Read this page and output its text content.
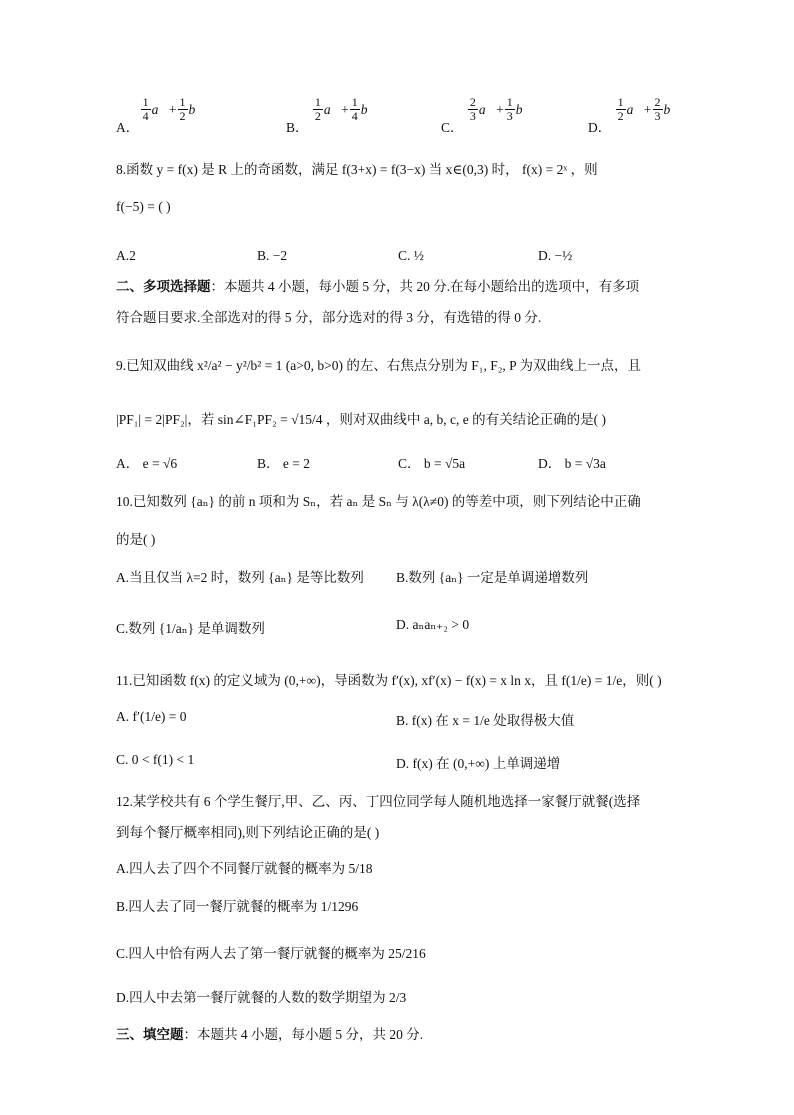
A．
$\frac{1}{4}$ a⃗+ $\frac{1}{2}$ b⃗
B．
$\frac{1}{2}$ a⃗+ $\frac{1}{4}$ b⃗
C．
$\frac{2}{3}$ a⃗+ $\frac{1}{3}$ b⃗
D．
$\frac{1}{2}$ a⃗+ $\frac{2}{3}$ b⃗
8.函数 y = f(x) 是 R 上的奇函数，满足 f(3+x) = f(3−x) 当 x∈(0,3) 时， f(x) = 2ˣ ，则
f(−5) = ( )
A.2	B. −2	C. ½	D. −½
二、多项选择题：本题共 4 小题，每小题 5 分，共 20 分.在每小题给出的选项中，有多项
符合题目要求.全部选对的得 5 分，部分选对的得 3 分，有选错的得 0 分.
9.已知双曲线 x²/a² − y²/b² = 1 (a>0, b>0) 的左、右焦点分别为 F₁, F₂, P 为双曲线上一点，且
|PF₁| = 2|PF₂|，若 sin∠F₁PF₂ = √15/4 ，则对双曲线中 a, b, c, e 的有关结论正确的是( )
A． e = √6	B． e = 2	C． b = √5a	D． b = √3a
10.已知数列 {aₙ} 的前 n 项和为 Sₙ，若 aₙ 是 Sₙ 与 λ(λ≠0) 的等差中项，则下列结论中正确
的是( )
A.当且仅当 λ=2 时，数列 {aₙ} 是等比数列 B.数列 {aₙ} 一定是单调递增数列
C.数列 {1/aₙ} 是单调数列	D. aₙaₙ₊₂ > 0
11.已知函数 f(x) 的定义域为 (0,+∞)，导函数为 f′(x), xf′(x) − f(x) = x ln x，且 f(1/e) = 1/e，则( )
A. f′(1/e) = 0	B. f(x) 在 x = 1/e 处取得极大值
C. 0 < f(1) < 1	D. f(x) 在 (0,+∞) 上单调递增
12.某学校共有 6 个学生餐厅,甲、乙、丙、丁四位同学每人随机地选择一家餐厅就餐(选择
到每个餐厅概率相同),则下列结论正确的是( )
A.四人去了四个不同餐厅就餐的概率为 5/18
B.四人去了同一餐厅就餐的概率为 1/1296
C.四人中恰有两人去了第一餐厅就餐的概率为 25/216
D.四人中去第一餐厅就餐的人数的数学期望为 2/3
三、填空题：本题共 4 小题，每小题 5 分，共 20 分.
